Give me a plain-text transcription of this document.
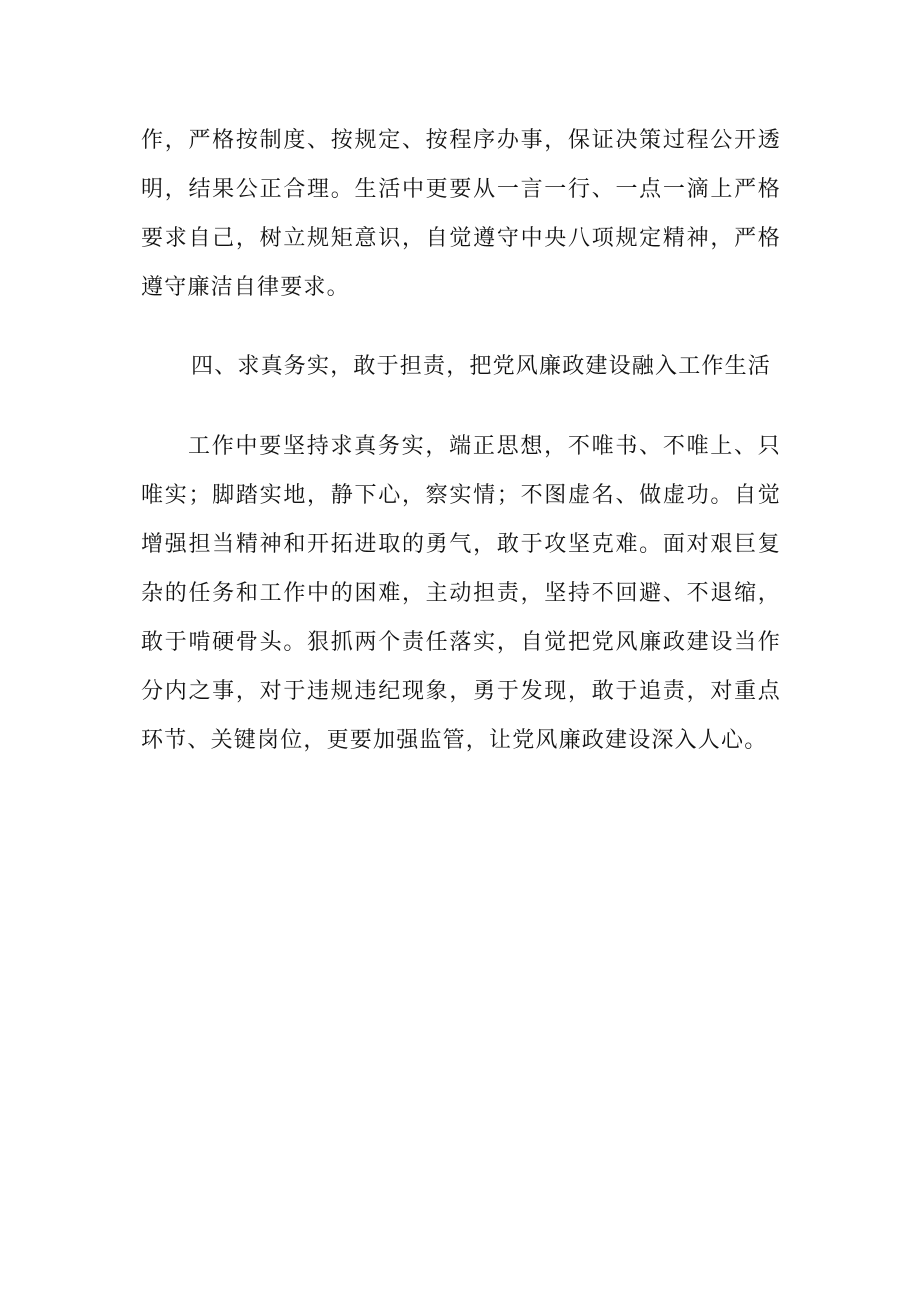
作，严格按制度、按规定、按程序办事，保证决策过程公开透明，结果公正合理。生活中更要从一言一行、一点一滴上严格要求自己，树立规矩意识，自觉遵守中央八项规定精神，严格遵守廉洁自律要求。

四、求真务实，敢于担责，把党风廉政建设融入工作生活

工作中要坚持求真务实，端正思想，不唯书、不唯上、只唯实；脚踏实地，静下心，察实情；不图虚名、做虚功。自觉增强担当精神和开拓进取的勇气，敢于攻坚克难。面对艰巨复杂的任务和工作中的困难，主动担责，坚持不回避、不退缩，敢于啃硬骨头。狠抓两个责任落实，自觉把党风廉政建设当作分内之事，对于违规违纪现象，勇于发现，敢于追责，对重点环节、关键岗位，更要加强监管，让党风廉政建设深入人心。
